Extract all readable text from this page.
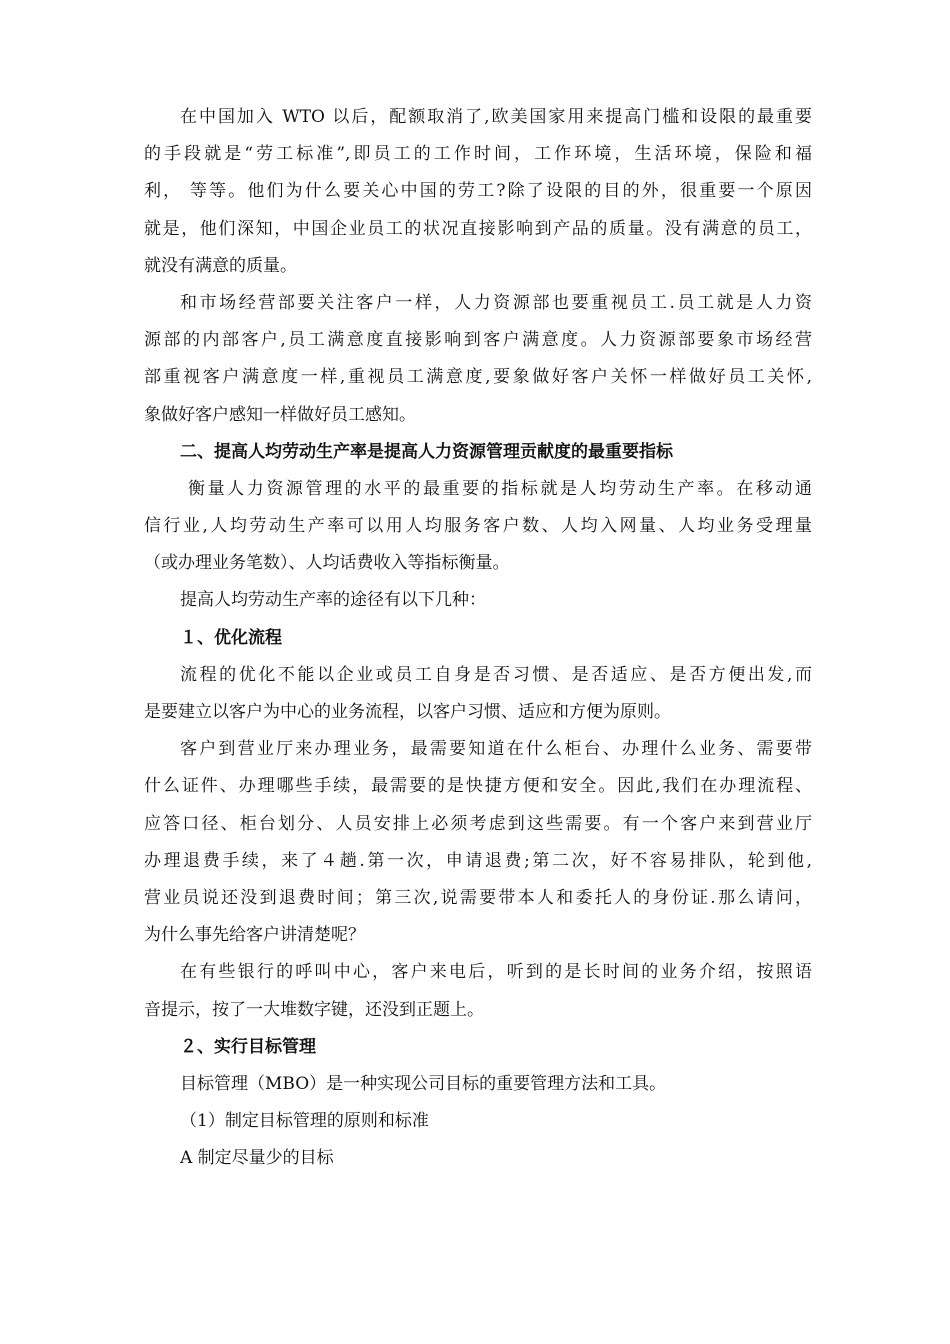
在中国加入 WTO 以后，配额取消了,欧美国家用来提高门槛和设限的最重要
的手段就是“劳工标准”,即员工的工作时间，工作环境，生活环境，保险和福
利， 等等。他们为什么要关心中国的劳工?除了设限的目的外，很重要一个原因
就是，他们深知，中国企业员工的状况直接影响到产品的质量。没有满意的员工，
就没有满意的质量。
和市场经营部要关注客户一样，人力资源部也要重视员工.员工就是人力资
源部的内部客户,员工满意度直接影响到客户满意度。人力资源部要象市场经营
部重视客户满意度一样,重视员工满意度,要象做好客户关怀一样做好员工关怀,
象做好客户感知一样做好员工感知。
二、提高人均劳动生产率是提高人力资源管理贡献度的最重要指标
衡量人力资源管理的水平的最重要的指标就是人均劳动生产率。在移动通
信行业,人均劳动生产率可以用人均服务客户数、人均入网量、人均业务受理量
（或办理业务笔数）、人均话费收入等指标衡量。
提高人均劳动生产率的途径有以下几种：
１、优化流程
流程的优化不能以企业或员工自身是否习惯、是否适应、是否方便出发,而
是要建立以客户为中心的业务流程，以客户习惯、适应和方便为原则。
客户到营业厅来办理业务，最需要知道在什么柜台、办理什么业务、需要带
什么证件、办理哪些手续，最需要的是快捷方便和安全。因此,我们在办理流程、
应答口径、柜台划分、人员安排上必须考虑到这些需要。有一个客户来到营业厅
办理退费手续，来了４趟.第一次，申请退费;第二次，好不容易排队，轮到他,
营业员说还没到退费时间；第三次,说需要带本人和委托人的身份证.那么请问，
为什么事先给客户讲清楚呢？
在有些银行的呼叫中心，客户来电后，听到的是长时间的业务介绍，按照语
音提示，按了一大堆数字键，还没到正题上。
２、实行目标管理
目标管理（MBO）是一种实现公司目标的重要管理方法和工具。
（1）制定目标管理的原则和标准
A 制定尽量少的目标
